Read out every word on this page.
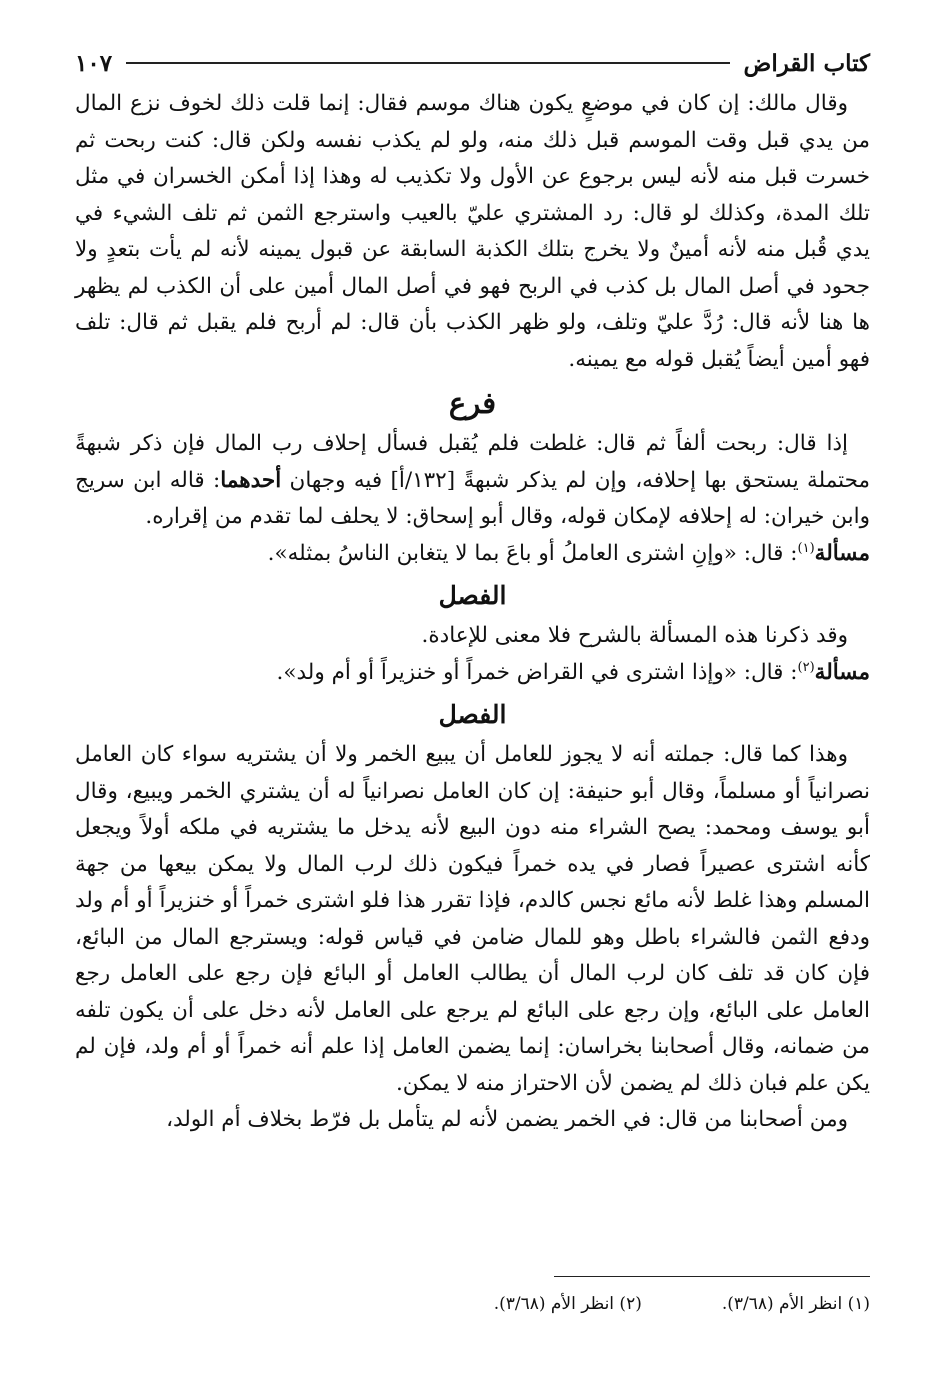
كتاب القراض
١٠٧

وقال مالك: إن كان في موضعٍ يكون هناك موسم فقال: إنما قلت ذلك لخوف نزع المال من يدي قبل وقت الموسم قبل ذلك منه، ولو لم يكذب نفسه ولكن قال: كنت ربحت ثم خسرت قبل منه لأنه ليس برجوع عن الأول ولا تكذيب له وهذا إذا أمكن الخسران في مثل تلك المدة، وكذلك لو قال: رد المشتري عليّ بالعيب واسترجع الثمن ثم تلف الشيء في يدي قُبل منه لأنه أمينٌ ولا يخرج بتلك الكذبة السابقة عن قبول يمينه لأنه لم يأت بتعدٍ ولا جحود في أصل المال بل كذب في الربح فهو في أصل المال أمين على أن الكذب لم يظهر ها هنا لأنه قال: رُدَّ عليّ وتلف، ولو ظهر الكذب بأن قال: لم أربح فلم يقبل ثم قال: تلف فهو أمين أيضاً يُقبل قوله مع يمينه.

فرع

إذا قال: ربحت ألفاً ثم قال: غلطت فلم يُقبل فسأل إحلاف رب المال فإن ذكر شبهةً محتملة يستحق بها إحلافه، وإن لم يذكر شبهةً [١٣٢/أ] فيه وجهان أحدهما: قاله ابن سريج وابن خيران: له إحلافه لإمكان قوله، وقال أبو إسحاق: لا يحلف لما تقدم من إقراره.

مسألة$^{(١)}$: قال: «وإنِ اشترى العاملُ أو باعَ بما لا يتغابن الناسُ بمثله».

الفصل

وقد ذكرنا هذه المسألة بالشرح فلا معنى للإعادة.

مسألة$^{(٢)}$: قال: «وإذا اشترى في القراض خمراً أو خنزيراً أو أم ولد».

الفصل

وهذا كما قال: جملته أنه لا يجوز للعامل أن يبيع الخمر ولا أن يشتريه سواء كان العامل نصرانياً أو مسلماً، وقال أبو حنيفة: إن كان العامل نصرانياً له أن يشتري الخمر ويبيع، وقال أبو يوسف ومحمد: يصح الشراء منه دون البيع لأنه يدخل ما يشتريه في ملكه أولاً ويجعل كأنه اشترى عصيراً فصار في يده خمراً فيكون ذلك لرب المال ولا يمكن بيعها من جهة المسلم وهذا غلط لأنه مائع نجس كالدم، فإذا تقرر هذا فلو اشترى خمراً أو خنزيراً أو أم ولد ودفع الثمن فالشراء باطل وهو للمال ضامن في قياس قوله: ويسترجع المال من البائع، فإن كان قد تلف كان لرب المال أن يطالب العامل أو البائع فإن رجع على العامل رجع العامل على البائع، وإن رجع على البائع لم يرجع على العامل لأنه دخل على أن يكون تلفه من ضمانه، وقال أصحابنا بخراسان: إنما يضمن العامل إذا علم أنه خمراً أو أم ولد، فإن لم يكن علم فبان ذلك لم يضمن لأن الاحتراز منه لا يمكن.

ومن أصحابنا من قال: في الخمر يضمن لأنه لم يتأمل بل فرّط بخلاف أم الولد،

(١) انظر الأم (٣/٦٨).
(٢) انظر الأم (٣/٦٨).
